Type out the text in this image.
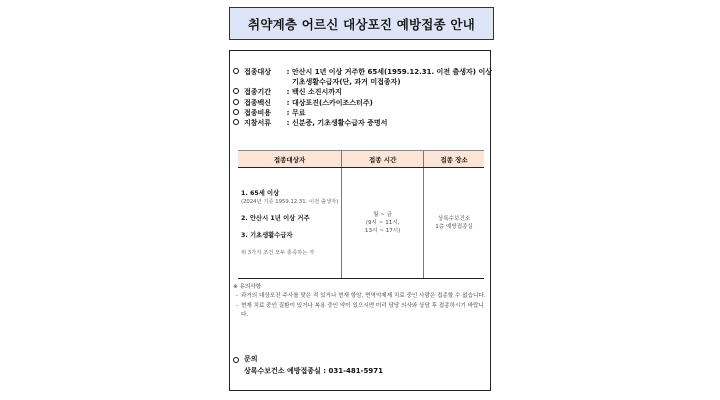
취약계층 어르신 대상포진 예방접종 안내
접종대상	: 안산시 1년 이상 거주한 65세(1959.12.31. 이전 출생자) 이상
기초생활수급자(단, 과거 미접종자)
접종기간	: 백신 소진시까지
접종백신	: 대상포진(스카이조스터주)
접종비용	: 무료
지참서류	: 신분증, 기초생활수급자 증명서
접종대상자	접종 시간	접종 장소

1. 65세 이상
(2024년 기준 1959.12.31. 이전 출생자)
2. 안산시 1년 이상 거주
3. 기초생활수급자
위 3가지 조건 모두 충족하는 자

월 ~ 금
(9시 ~ 11시,
13시 ~ 17시)

상록수보건소
1층 예방접종실
※ 유의사항
- 과거의 대상포진 주사를 맞은 적 있거나 현재 항암, 면역억제제 치료 중인 사람은 접종할 수 없습니다.
- 현재 치료 중인 질환이 있거나 복용 중인 약이 있으시면 미리 담당 의사와 상담 후 접종하시기 바랍니다.
문의
상록수보건소 예방접종실 : 031-481-5971
